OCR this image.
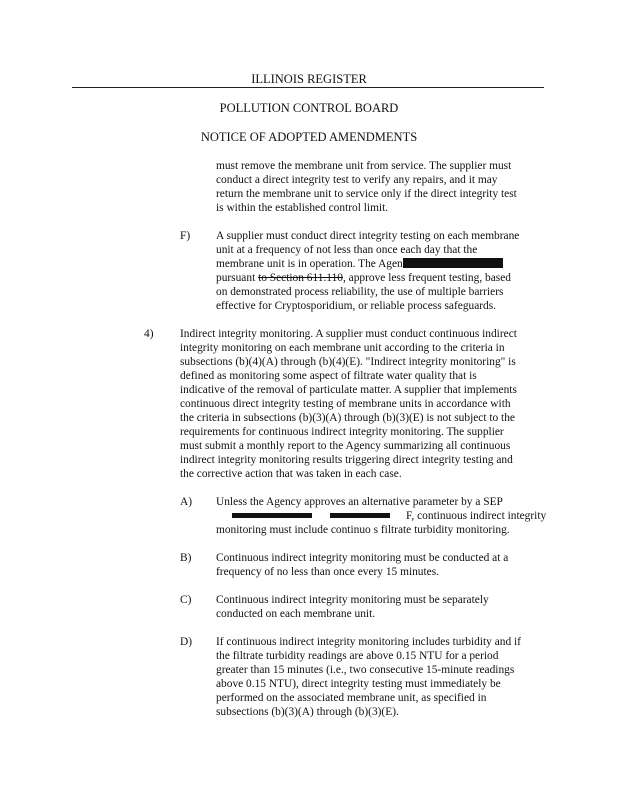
ILLINOIS REGISTER
POLLUTION CONTROL BOARD
NOTICE OF ADOPTED AMENDMENTS
must remove the membrane unit from service. The supplier must
conduct a direct integrity test to verify any repairs, and it may
return the membrane unit to service only if the direct integrity test
is within the established control limit.
F) A supplier must conduct direct integrity testing on each membrane
unit at a frequency of not less than once each day that the
membrane unit is in operation. The Agen
pursuant to Section 611.110, approve less frequent testing, based
on demonstrated process reliability, the use of multiple barriers
effective for Cryptosporidium, or reliable process safeguards.
4) Indirect integrity monitoring. A supplier must conduct continuous indirect
integrity monitoring on each membrane unit according to the criteria in
subsections (b)(4)(A) through (b)(4)(E). "Indirect integrity monitoring" is
defined as monitoring some aspect of filtrate water quality that is
indicative of the removal of particulate matter. A supplier that implements
continuous direct integrity testing of membrane units in accordance with
the criteria in subsections (b)(3)(A) through (b)(3)(E) is not subject to the
requirements for continuous indirect integrity monitoring. The supplier
must submit a monthly report to the Agency summarizing all continuous
indirect integrity monitoring results triggering direct integrity testing and
the corrective action that was taken in each case.
A) Unless the Agency approves an alternative parameter by a SEP
F, continuous indirect integrity
monitoring must include continuo s filtrate turbidity monitoring.
B) Continuous indirect integrity monitoring must be conducted at a
frequency of no less than once every 15 minutes.
C) Continuous indirect integrity monitoring must be separately
conducted on each membrane unit.
D) If continuous indirect integrity monitoring includes turbidity and if
the filtrate turbidity readings are above 0.15 NTU for a period
greater than 15 minutes (i.e., two consecutive 15-minute readings
above 0.15 NTU), direct integrity testing must immediately be
performed on the associated membrane unit, as specified in
subsections (b)(3)(A) through (b)(3)(E).
